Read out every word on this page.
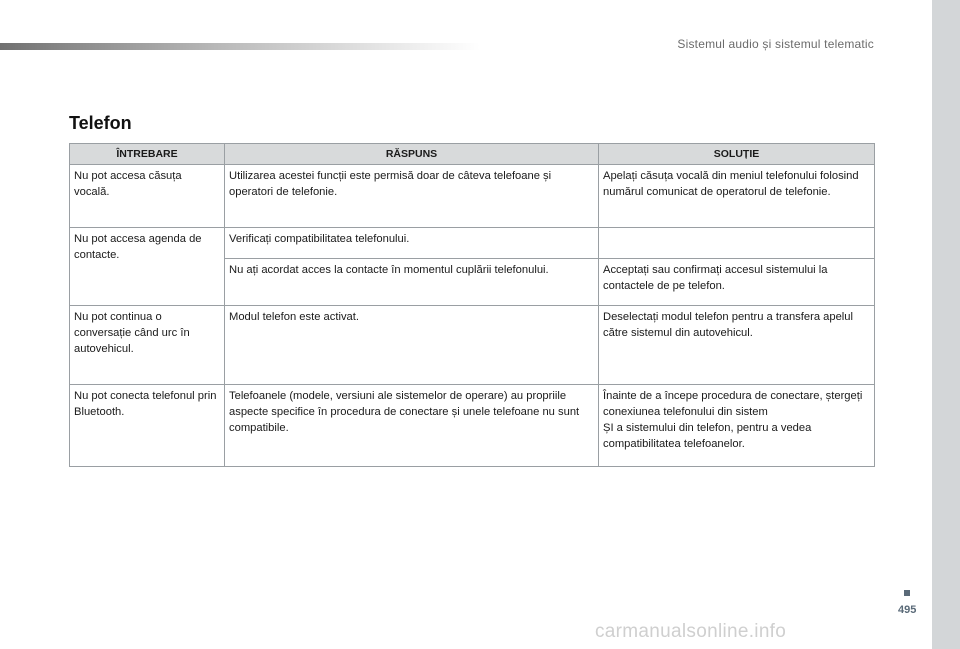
Sistemul audio și sistemul telematic
Telefon
ÎNTREBARE	RĂSPUNS	SOLUȚIE
Nu pot accesa căsuța vocală.	Utilizarea acestei funcții este permisă doar de câteva telefoane și operatori de telefonie.	Apelați căsuța vocală din meniul telefonului folosind numărul comunicat de operatorul de telefonie.
Nu pot accesa agenda de contacte.	Verificați compatibilitatea telefonului.	
	Nu ați acordat acces la contacte în momentul cuplării telefonului.	Acceptați sau confirmați accesul sistemului la contactele de pe telefon.
Nu pot continua o conversație când urc în autovehicul.	Modul telefon este activat.	Deselectați modul telefon pentru a transfera apelul către sistemul din autovehicul.
Nu pot conecta telefonul prin Bluetooth.	Telefoanele (modele, versiuni ale sistemelor de operare) au propriile aspecte specifice în procedura de conectare și unele telefoane nu sunt compatibile.	Înainte de a începe procedura de conectare, ștergeți conexiunea telefonului din sistem
ȘI a sistemului din telefon, pentru a vedea compatibilitatea telefoanelor.
495
carmanualsonline.info
